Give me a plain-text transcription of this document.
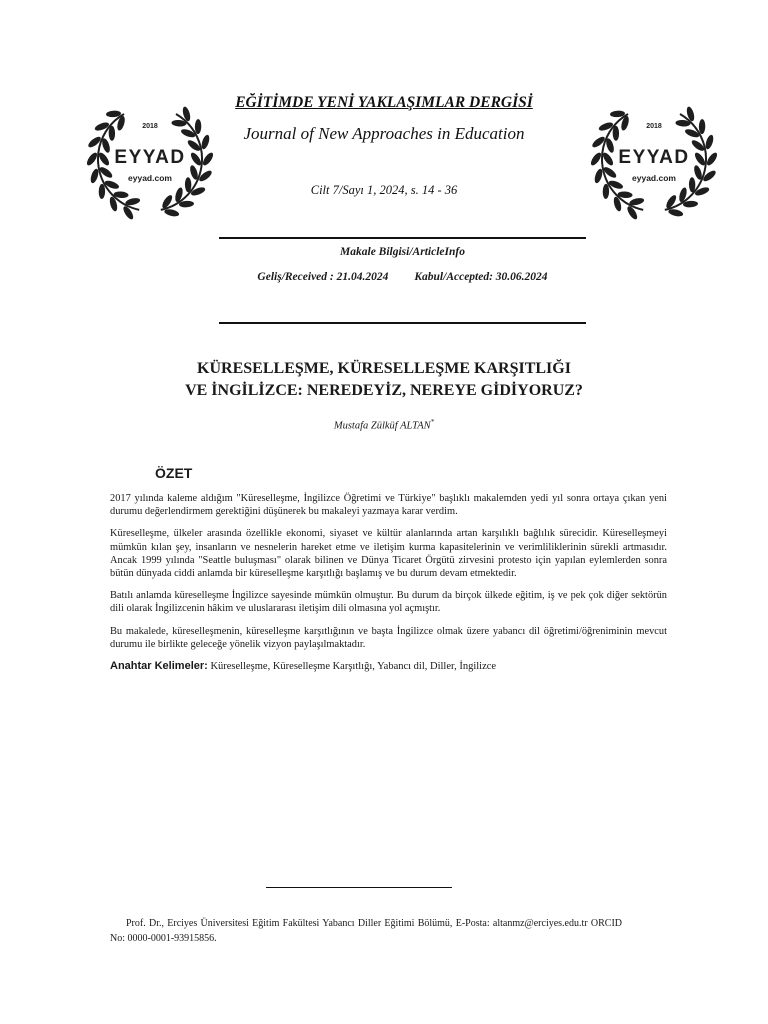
2018
EYYAD
eyyad.com
2018
EYYAD
eyyad.com
EĞİTİMDE YENİ YAKLAŞIMLAR DERGİSİ
Journal of New Approaches in Education
Cilt 7/Sayı 1, 2024, s. 14 - 36
Makale Bilgisi/ArticleInfo
Geliş/Received : 21.04.2024 Kabul/Accepted: 30.06.2024
KÜRESELLEŞME, KÜRESELLEŞME KARŞITLIĞI
VE İNGİLİZCE: NEREDEYİZ, NEREYE GİDİYORUZ?
Mustafa Zülküf ALTAN*
ÖZET

2017 yılında kaleme aldığım "Küreselleşme, İngilizce Öğretimi ve Türkiye" başlıklı makalemden yedi yıl sonra ortaya çıkan yeni durumu değerlendirmem gerektiğini düşünerek bu makaleyi yazmaya karar verdim.

Küreselleşme, ülkeler arasında özellikle ekonomi, siyaset ve kültür alanlarında artan karşılıklı bağlılık sürecidir. Küreselleşmeyi mümkün kılan şey, insanların ve nesnelerin hareket etme ve iletişim kurma kapasitelerinin ve verimliliklerinin sürekli artmasıdır. Ancak 1999 yılında "Seattle buluşması" olarak bilinen ve Dünya Ticaret Örgütü zirvesini protesto için yapılan eylemlerden sonra bütün dünyada ciddi anlamda bir küreselleşme karşıtlığı başlamış ve bu durum devam etmektedir.

Batılı anlamda küreselleşme İngilizce sayesinde mümkün olmuştur. Bu durum da birçok ülkede eğitim, iş ve pek çok diğer sektörün dili olarak İngilizcenin hâkim ve uluslararası iletişim dili olmasına yol açmıştır.

Bu makalede, küreselleşmenin, küreselleşme karşıtlığının ve başta İngilizce olmak üzere yabancı dil öğretimi/öğreniminin mevcut durumu ile birlikte geleceğe yönelik vizyon paylaşılmaktadır.

Anahtar Kelimeler: Küreselleşme, Küreselleşme Karşıtlığı, Yabancı dil, Diller, İngilizce
Prof. Dr., Erciyes Üniversitesi Eğitim Fakültesi Yabancı Diller Eğitimi Bölümü, E-Posta: altanmz@erciyes.edu.tr ORCID No: 0000-0001-93915856.
